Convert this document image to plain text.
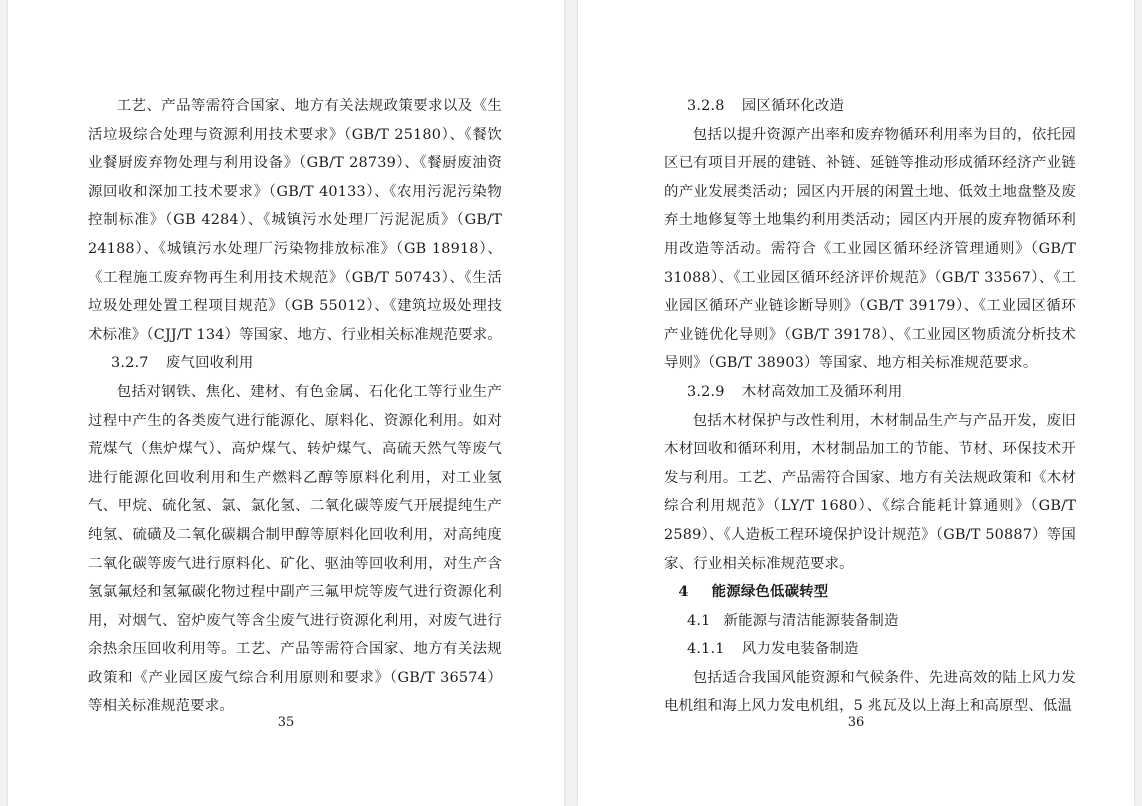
工艺、产品等需符合国家、地方有关法规政策要求以及《生活垃圾综合处理与资源利用技术要求》（GB/T 25180）、《餐饮业餐厨废弃物处理与利用设备》（GB/T 28739）、《餐厨废油资源回收和深加工技术要求》（GB/T 40133）、《农用污泥污染物控制标准》（GB 4284）、《城镇污水处理厂污泥泥质》（GB/T 24188）、《城镇污水处理厂污染物排放标准》（GB 18918）、《工程施工废弃物再生利用技术规范》（GB/T 50743）、《生活垃圾处理处置工程项目规范》（GB 55012）、《建筑垃圾处理技术标准》（CJJ/T 134）等国家、地方、行业相关标准规范要求。

3.2.7 废气回收利用

包括对钢铁、焦化、建材、有色金属、石化化工等行业生产过程中产生的各类废气进行能源化、原料化、资源化利用。如对荒煤气（焦炉煤气）、高炉煤气、转炉煤气、高硫天然气等废气进行能源化回收利用和生产燃料乙醇等原料化利用，对工业氢气、甲烷、硫化氢、氯、氯化氢、二氧化碳等废气开展提纯生产纯氢、硫磺及二氧化碳耦合制甲醇等原料化回收利用，对高纯度二氧化碳等废气进行原料化、矿化、驱油等回收利用，对生产含氢氯氟烃和氢氟碳化物过程中副产三氟甲烷等废气进行资源化利用，对烟气、窑炉废气等含尘废气进行资源化利用，对废气进行余热余压回收利用等。工艺、产品等需符合国家、地方有关法规政策和《产业园区废气综合利用原则和要求》（GB/T 36574）等相关标准规范要求。

35
3.2.8 园区循环化改造

包括以提升资源产出率和废弃物循环利用率为目的，依托园区已有项目开展的建链、补链、延链等推动形成循环经济产业链的产业发展类活动；园区内开展的闲置土地、低效土地盘整及废弃土地修复等土地集约利用类活动；园区内开展的废弃物循环利用改造等活动。需符合《工业园区循环经济管理通则》（GB/T 31088）、《工业园区循环经济评价规范》（GB/T 33567）、《工业园区循环产业链诊断导则》（GB/T 39179）、《工业园区循环产业链优化导则》（GB/T 39178）、《工业园区物质流分析技术导则》（GB/T 38903）等国家、地方相关标准规范要求。

3.2.9 木材高效加工及循环利用

包括木材保护与改性利用，木材制品生产与产品开发，废旧木材回收和循环利用，木材制品加工的节能、节材、环保技术开发与利用。工艺、产品需符合国家、地方有关法规政策和《木材综合利用规范》（LY/T 1680）、《综合能耗计算通则》（GB/T 2589）、《人造板工程环境保护设计规范》（GB/T 50887）等国家、行业相关标准规范要求。

4 能源绿色低碳转型
4.1 新能源与清洁能源装备制造
4.1.1 风力发电装备制造

包括适合我国风能资源和气候条件、先进高效的陆上风力发电机组和海上风力发电机组，5 兆瓦及以上海上和高原型、低温

36
